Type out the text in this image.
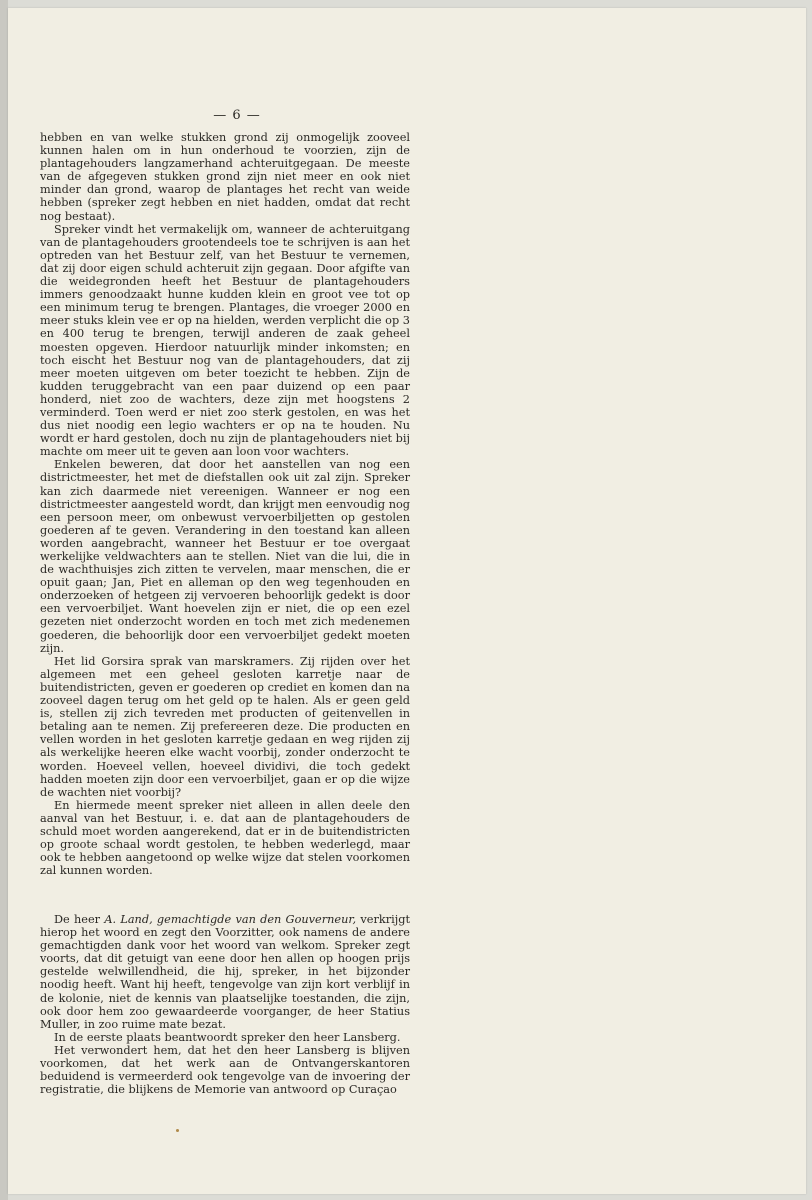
— 6 —

hebben en van welke stukken grond zij onmogelijk zooveel kunnen halen om in hun onderhoud te voorzien, zijn de plantagehouders langzamerhand achteruitgegaan. De meeste van de afgegeven stukken grond zijn niet meer en ook niet minder dan grond, waarop de plantages het recht van weide hebben (spreker zegt hebben en niet hadden, omdat dat recht nog bestaat).

Spreker vindt het vermakelijk om, wanneer de achteruitgang van de plantagehouders grootendeels toe te schrijven is aan het optreden van het Bestuur zelf, van het Bestuur te vernemen, dat zij door eigen schuld achteruit zijn gegaan. Door afgifte van die weidegronden heeft het Bestuur de plantagehouders immers genoodzaakt hunne kudden klein en groot vee tot op een minimum terug te brengen. Plantages, die vroeger 2000 en meer stuks klein vee er op na hielden, werden verplicht die op 3 en 400 terug te brengen, terwijl anderen de zaak geheel moesten opgeven. Hierdoor natuurlijk minder inkomsten; en toch eischt het Bestuur nog van de plantagehouders, dat zij meer moeten uitgeven om beter toezicht te hebben. Zijn de kudden teruggebracht van een paar duizend op een paar honderd, niet zoo de wachters, deze zijn met hoogstens 2 verminderd. Toen werd er niet zoo sterk gestolen, en was het dus niet noodig een legio wachters er op na te houden. Nu wordt er hard gestolen, doch nu zijn de plantagehouders niet bij machte om meer uit te geven aan loon voor wachters.

Enkelen beweren, dat door het aanstellen van nog een districtmeester, het met de diefstallen ook uit zal zijn. Spreker kan zich daarmede niet vereenigen. Wanneer er nog een districtmeester aangesteld wordt, dan krijgt men eenvoudig nog een persoon meer, om onbewust vervoerbiljetten op gestolen goederen af te geven. Verandering in den toestand kan alleen worden aangebracht, wanneer het Bestuur er toe overgaat werkelijke veldwachters aan te stellen. Niet van die lui, die in de wachthuisjes zich zitten te vervelen, maar menschen, die er opuit gaan; Jan, Piet en alleman op den weg tegenhouden en onderzoeken of hetgeen zij vervoeren behoorlijk gedekt is door een vervoerbiljet. Want hoevelen zijn er niet, die op een ezel gezeten niet onderzocht worden en toch met zich medenemen goederen, die behoorlijk door een vervoerbiljet gedekt moeten zijn.

Het lid Gorsira sprak van marskramers. Zij rijden over het algemeen met een geheel gesloten karretje naar de buitendistricten, geven er goederen op crediet en komen dan na zooveel dagen terug om het geld op te halen. Als er geen geld is, stellen zij zich tevreden met producten of geitenvellen in betaling aan te nemen. Zij prefereeren deze. Die producten en vellen worden in het gesloten karretje gedaan en weg rijden zij als werkelijke heeren elke wacht voorbij, zonder onderzocht te worden. Hoeveel vellen, hoeveel dividivi, die toch gedekt hadden moeten zijn door een vervoerbiljet, gaan er op die wijze de wachten niet voorbij?

En hiermede meent spreker niet alleen in allen deele den aanval van het Bestuur, i. e. dat aan de plantagehouders de schuld moet worden aangerekend, dat er in de buitendistricten op groote schaal wordt gestolen, te hebben wederlegd, maar ook te hebben aangetoond op welke wijze dat stelen voorkomen zal kunnen worden.

De heer A. Land, gemachtigde van den Gouverneur, verkrijgt hierop het woord en zegt den Voorzitter, ook namens de andere gemachtigden dank voor het woord van welkom. Spreker zegt voorts, dat dit getuigt van eene door hen allen op hoogen prijs gestelde welwillendheid, die hij, spreker, in het bijzonder noodig heeft. Want hij heeft, tengevolge van zijn kort verblijf in de kolonie, niet de kennis van plaatselijke toestanden, die zijn, ook door hem zoo gewaardeerde voorganger, de heer Statius Muller, in zoo ruime mate bezat.

In de eerste plaats beantwoordt spreker den heer Lansberg.

Het verwondert hem, dat het den heer Lansberg is blijven voorkomen, dat het werk aan de Ontvangerskantoren beduidend is vermeerderd ook tengevolge van de invoering der registratie, die blijkens de Memorie van antwoord op Curaçao
